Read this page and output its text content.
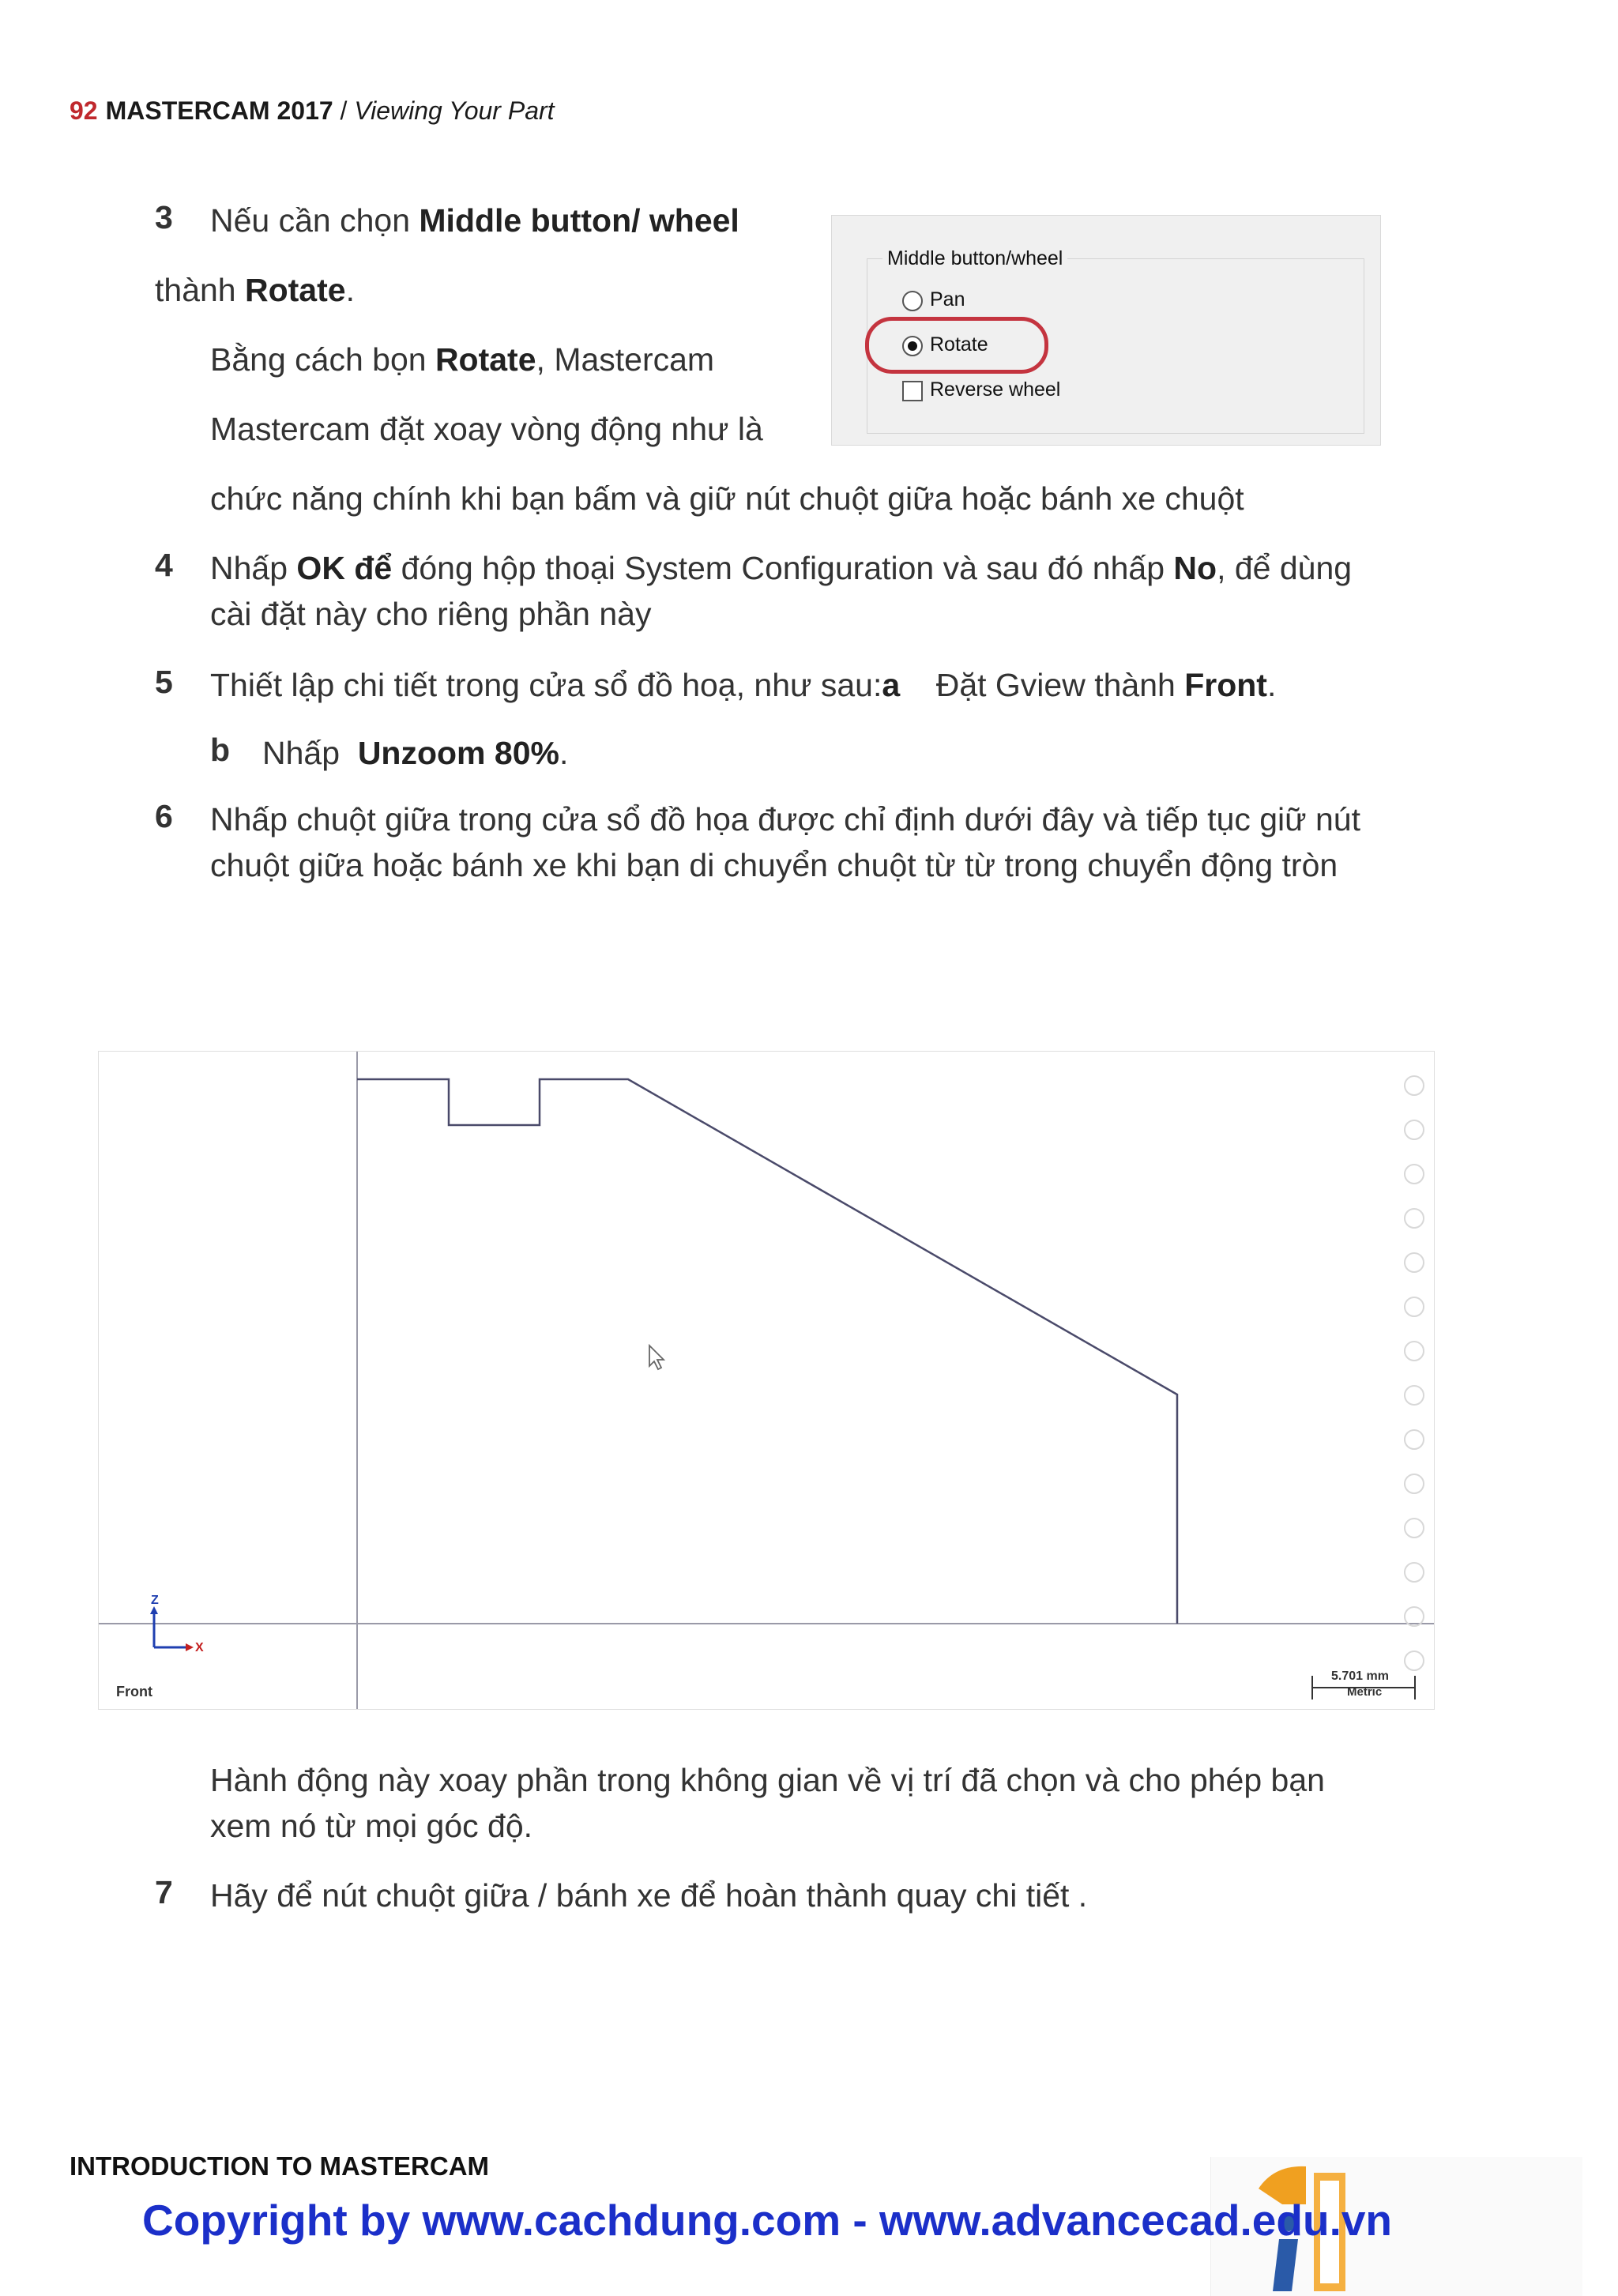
92 MASTERCAM 2017 / Viewing Your Part
3 Nếu cần chọn Middle button/ wheel
thành Rotate.
Bằng cách bọn Rotate, Mastercam
Mastercam đặt xoay vòng động như là
chức năng chính khi bạn bấm và giữ nút chuột giữa hoặc bánh xe chuột
Middle button/wheel
Pan
Rotate
Reverse wheel
4 Nhấp OK để đóng hộp thoại System Configuration và sau đó nhấp No, để dùng
cài đặt này cho riêng phần này
5 Thiết lập chi tiết trong cửa sổ đồ hoạ, như sau:a    Đặt Gview thành Front.
b Nhấp  Unzoom 80%.
6 Nhấp chuột giữa trong cửa sổ đồ họa được chỉ định dưới đây và tiếp tục giữ nút
chuột giữa hoặc bánh xe khi bạn di chuyển chuột từ từ trong chuyển động tròn
Z
X
Front
5.701 mm
Metric
Hành động này xoay phần trong không gian về vị trí đã chọn và cho phép bạn
xem nó từ mọi góc độ.
7 Hãy để nút chuột giữa / bánh xe để hoàn thành quay chi tiết .
INTRODUCTION TO MASTERCAM
Copyright by www.cachdung.com - www.advancecad.edu.vn
